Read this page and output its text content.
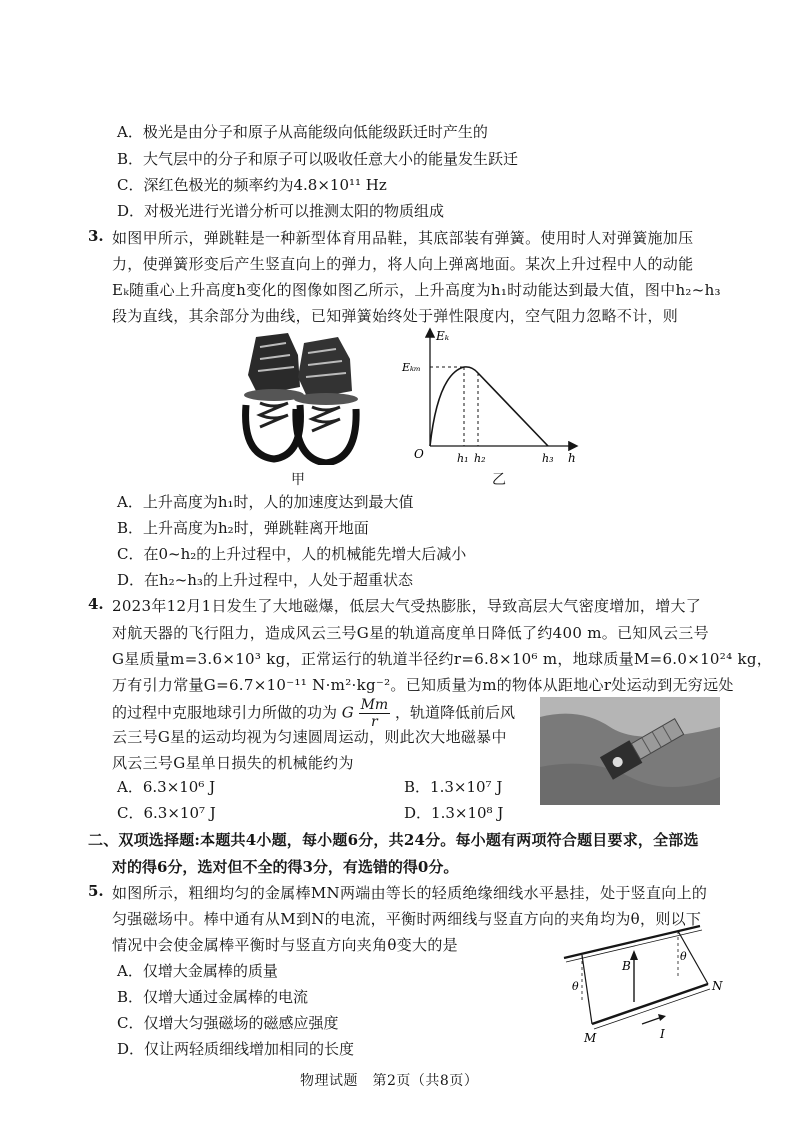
A．极光是由分子和原子从高能级向低能级跃迁时产生的
B．大气层中的分子和原子可以吸收任意大小的能量发生跃迁
C．深红色极光的频率约为4.8×10¹¹ Hz
D．对极光进行光谱分析可以推测太阳的物质组成
3. 如图甲所示，弹跳鞋是一种新型体育用品鞋，其底部装有弹簧。使用时人对弹簧施加压
力，使弹簧形变后产生竖直向上的弹力，将人向上弹离地面。某次上升过程中人的动能
Eₖ随重心上升高度h变化的图像如图乙所示，上升高度为h₁时动能达到最大值，图中h₂~h₃
段为直线，其余部分为曲线，已知弹簧始终处于弹性限度内，空气阻力忽略不计，则
甲
Eₖ
Eₖₘ
O	h₁ h₂	h₃ h
乙
A．上升高度为h₁时，人的加速度达到最大值
B．上升高度为h₂时，弹跳鞋离开地面
C．在0~h₂的上升过程中，人的机械能先增大后减小
D．在h₂~h₃的上升过程中，人处于超重状态
4. 2023年12月1日发生了大地磁爆，低层大气受热膨胀，导致高层大气密度增加，增大了
对航天器的飞行阻力，造成风云三号G星的轨道高度单日降低了约400 m。已知风云三号
G星质量m=3.6×10³ kg，正常运行的轨道半径约r=6.8×10⁶ m，地球质量M=6.0×10²⁴ kg，
万有引力常量G=6.7×10⁻¹¹ N·m²·kg⁻²。已知质量为m的物体从距地心r处运动到无穷远处
的过程中克服地球引力所做的功为 G $\frac{Mm}{r}$ ，轨道降低前后风
云三号G星的运动均视为匀速圆周运动，则此次大地磁暴中
风云三号G星单日损失的机械能约为
A．6.3×10⁶ J	B．1.3×10⁷ J
C．6.3×10⁷ J	D．1.3×10⁸ J
二、双项选择题:本题共4小题，每小题6分，共24分。每小题有两项符合题目要求，全部选
对的得6分，选对但不全的得3分，有选错的得0分。
5. 如图所示，粗细均匀的金属棒MN两端由等长的轻质绝缘细线水平悬挂，处于竖直向上的
匀强磁场中。棒中通有从M到N的电流，平衡时两细线与竖直方向的夹角均为θ，则以下
情况中会使金属棒平衡时与竖直方向夹角θ变大的是
A．仅增大金属棒的质量
B．仅增大通过金属棒的电流
C．仅增大匀强磁场的磁感应强度
D．仅让两轻质细线增加相同的长度
B
θ
θ
M
N
I
物理试题　第2页（共8页）
